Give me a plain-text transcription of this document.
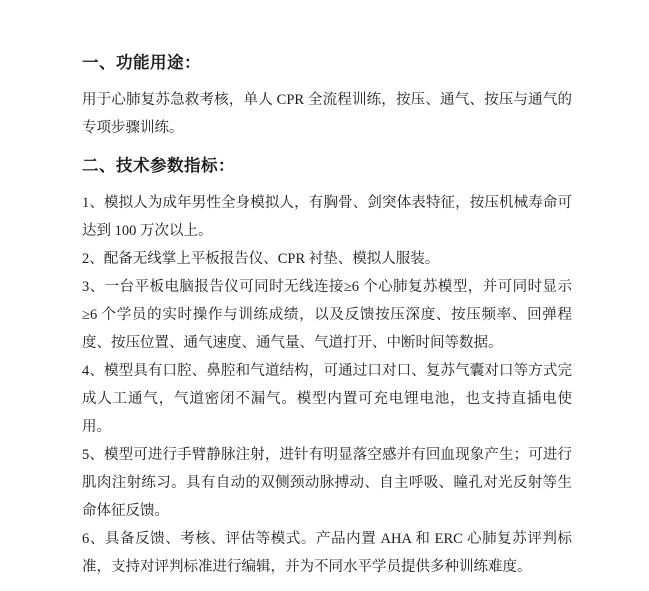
一、功能用途：

用于心肺复苏急救考核，单人 CPR 全流程训练，按压、通气、按压与通气的专项步骤训练。

二、技术参数指标：

1、模拟人为成年男性全身模拟人，有胸骨、剑突体表特征，按压机械寿命可达到 100 万次以上。

2、配备无线掌上平板报告仪、CPR 衬垫、模拟人服装。

3、一台平板电脑报告仪可同时无线连接≥6 个心肺复苏模型，并可同时显示≥6 个学员的实时操作与训练成绩，以及反馈按压深度、按压频率、回弹程度、按压位置、通气速度、通气量、气道打开、中断时间等数据。

4、模型具有口腔、鼻腔和气道结构，可通过口对口、复苏气囊对口等方式完成人工通气，气道密闭不漏气。模型内置可充电锂电池，也支持直插电使用。

5、模型可进行手臂静脉注射，进针有明显落空感并有回血现象产生；可进行肌肉注射练习。具有自动的双侧颈动脉搏动、自主呼吸、瞳孔对光反射等生命体征反馈。

6、具备反馈、考核、评估等模式。产品内置 AHA 和 ERC 心肺复苏评判标准，支持对评判标准进行编辑，并为不同水平学员提供多种训练难度。
